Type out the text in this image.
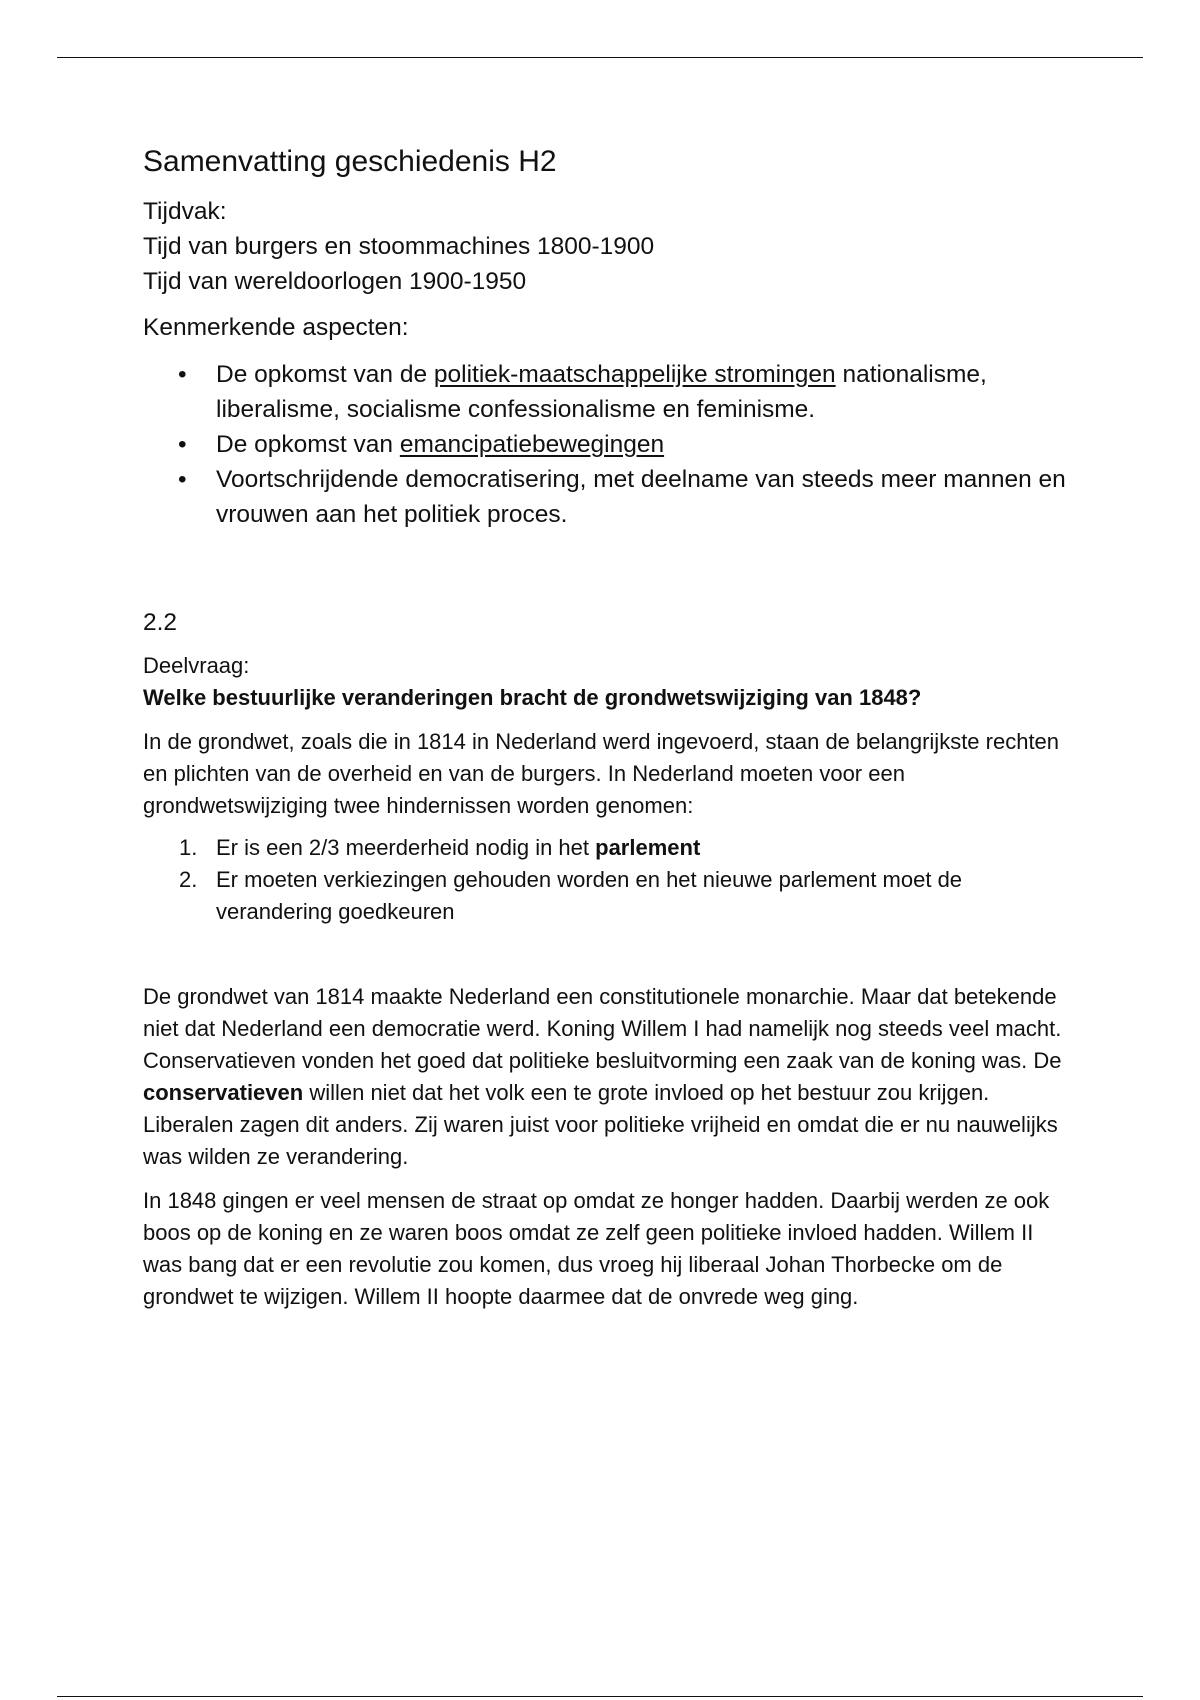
Samenvatting geschiedenis H2
Tijdvak:
Tijd van burgers en stoommachines 1800-1900
Tijd van wereldoorlogen 1900-1950
Kenmerkende aspecten:
• De opkomst van de politiek-maatschappelijke stromingen nationalisme, liberalisme, socialisme confessionalisme en feminisme.
• De opkomst van emancipatiebewegingen
• Voortschrijdende democratisering, met deelname van steeds meer mannen en vrouwen aan het politiek proces.
2.2
Deelvraag:
Welke bestuurlijke veranderingen bracht de grondwetswijziging van 1848?

In de grondwet, zoals die in 1814 in Nederland werd ingevoerd, staan de belangrijkste rechten en plichten van de overheid en van de burgers. In Nederland moeten voor een grondwetswijziging twee hindernissen worden genomen:

1. Er is een 2/3 meerderheid nodig in het parlement
2. Er moeten verkiezingen gehouden worden en het nieuwe parlement moet de verandering goedkeuren

De grondwet van 1814 maakte Nederland een constitutionele monarchie. Maar dat betekende niet dat Nederland een democratie werd. Koning Willem I had namelijk nog steeds veel macht.

Conservatieven vonden het goed dat politieke besluitvorming een zaak van de koning was. De conservatieven willen niet dat het volk een te grote invloed op het bestuur zou krijgen. Liberalen zagen dit anders. Zij waren juist voor politieke vrijheid en omdat die er nu nauwelijks was wilden ze verandering.

In 1848 gingen er veel mensen de straat op omdat ze honger hadden. Daarbij werden ze ook boos op de koning en ze waren boos omdat ze zelf geen politieke invloed hadden. Willem II was bang dat er een revolutie zou komen, dus vroeg hij liberaal Johan Thorbecke om de grondwet te wijzigen. Willem II hoopte daarmee dat de onvrede weg ging.
